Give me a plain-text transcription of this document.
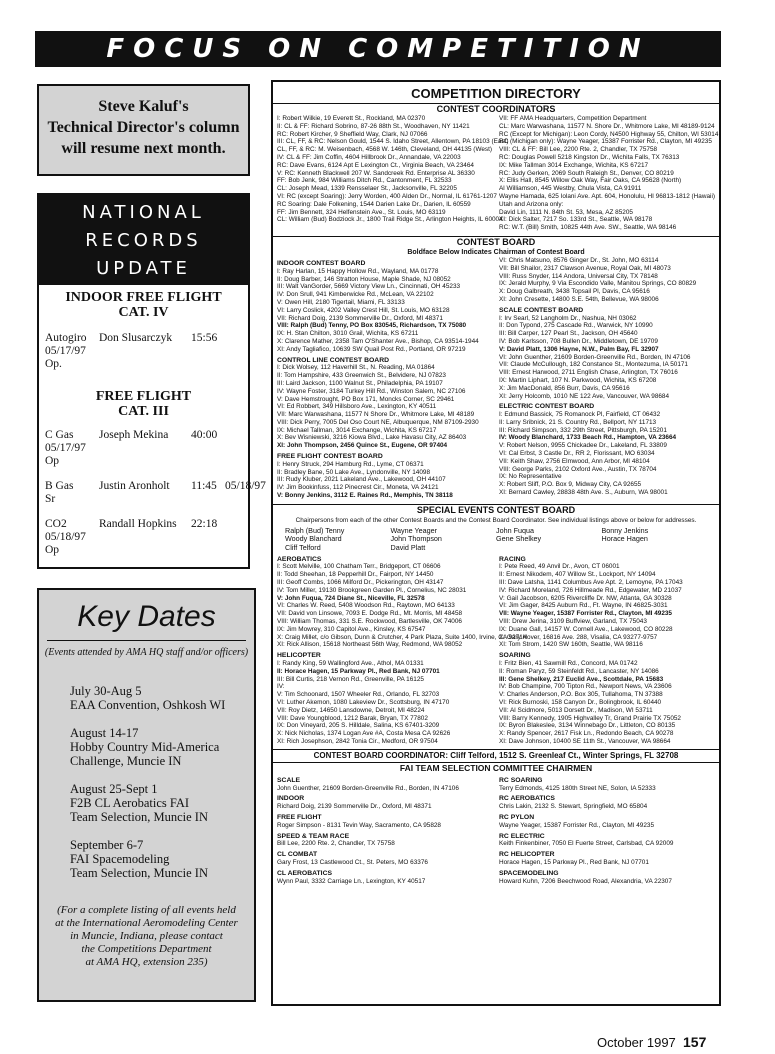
FOCUS ON COMPETITION
Steve Kaluf's
Technical Director's column
will resume next month.
NATIONAL
RECORDS
UPDATE
INDOOR FREE FLIGHT
CAT. IV
Autogiro	Don Slusarczyk	15:56
05/17/97
Op.
FREE FLIGHT
CAT. III
C Gas	Joseph Mekina	40:00
05/17/97
Op
B Gas	Justin Aronholt	11:45 05/18/97
Sr
CO2	Randall Hopkins	22:18
05/18/97
Op
Key Dates
(Events attended by AMA HQ staff and/or officers)
July 30-Aug 5
EAA Convention, Oshkosh WI
August 14-17
Hobby Country Mid-America
Challenge, Muncie IN
August 25-Sept 1
F2B CL Aerobatics FAI
Team Selection, Muncie IN
September 6-7
FAI Spacemodeling
Team Selection, Muncie IN
(For a complete listing of all events held
at the International Aeromodeling Center
in Muncie, Indiana, please contact
the Competitions Department
at AMA HQ, extension 235)
COMPETITION DIRECTORY
CONTEST COORDINATORS

I: Robert Wilkie, 19 Everett St., Rockland, MA 02370

II: CL & FF: Richard Sobrino, 87-26 88th St., Woodhaven, NY 11421

RC: Robert Kircher, 9 Sheffield Way, Clark, NJ 07066

III: CL, FF, & RC: Nelson Gould, 1544 S. Idaho Street, Allentown, PA 18103 (East)

CL, FF, & RC: M. Weisenbach, 4568 W. 146th, Cleveland, OH 44135 (West)

IV: CL & FF: Jim Coffin, 4604 Hillbrook Dr., Annandale, VA 22003

RC: Dave Evans, 6124 Apt E Lexington Ct., Virginia Beach, VA 23464

V: RC: Kenneth Blackwell 207 W. Sandcreek Rd. Enterprise AL 36330

FF: Bob Jenk, 984 Williams Ditch Rd., Cantonment, FL 32533

CL: Joseph Mead, 1339 Rensselaer St., Jacksonville, FL 32205

VI: RC (except Soaring): Jerry Worden, 400 Alden Dr., Normal, IL 61761-1207

RC Soaring: Dale Folkening, 1544 Darien Lake Dr., Darien, IL 60559

FF: Jim Bennett, 324 Helfenstein Ave., St. Louis, MO 63119

CL: William (Bud) Bodziock Jr., 1800 Trail Ridge St., Arlington Heights, IL 60004

VII: FF AMA Headquarters, Competition Department

CL: Marc Warwashana, 11577 N. Shore Dr., Whitmore Lake, MI 48189-9124

RC (Except for Michigan): Leon Cordy, N4500 Highway 55, Chilton, WI 53014

RC (Michigan only): Wayne Yeager, 15387 Forrister Rd., Clayton, MI 49235

VIII: CL & FF: Bill Lee, 2200 Rte. 2, Chandler, TX 75758

RC: Douglas Powell 5218 Kingston Dr., Wichita Falls, TX 76313

IX: Mike Tallman 3014 Exchange, Wichita, KS 67217

RC: Judy Gerken, 2069 South Raleigh St., Denver, CO 80219

X: Ellis Hall, 8545 Willow Oak Way, Fair Oaks, CA 95628 (North)

Al Williamson, 445 Westby, Chula Vista, CA 91911

Wayne Hamada, 625 Iolani Ave. Apt. 604, Honolulu, HI 96813-1812 (Hawaii)

Utah and Arizona only:

David Lin, 1111 N. 84th St. 53, Mesa, AZ 85205

XI: Dick Salter, 7217 So. 133rd St., Seattle, WA 98178

RC: W.T. (Bill) Smith, 10825 44th Ave. SW., Seattle, WA 98146

CONTEST BOARD
Boldface Below Indicates Chairman of Contest Board

INDOOR CONTEST BOARD

I: Ray Harlan, 15 Happy Hollow Rd., Wayland, MA 01778

II: Doug Barber, 146 Stratton House, Maple Shade, NJ 08052

III: Walt VanGorder, 5669 Victory View Ln., Cincinnati, OH 45233

IV: Don Srull, 941 Kimberwicke Rd., McLean, VA 22102

V: Owen Hill, 2180 Tigertail, Miami, FL 33133

VI: Larry Coslick, 4202 Valley Crest Hill, St. Louis, MO 63128

VII: Richard Doig, 2139 Sommerville Dr., Oxford, MI 48371

VIII: Ralph (Bud) Tenny, PO Box 830545, Richardson, TX 75080

IX: H. Stan Chilton, 3010 Grail, Wichita, KS 67211

X: Clarence Mather, 2358 Tam O'Shanter Ave., Bishop, CA 93514-1944

XI: Andy Tagliafico, 10639 SW Quail Post Rd., Portland, OR 97219

CONTROL LINE CONTEST BOARD

I: Dick Wolsey, 112 Haverhill St., N. Reading, MA 01864

II: Tom Hampshire, 433 Greenwich St., Belvidere, NJ 07823

III: Laird Jackson, 1100 Walnut St., Philadelphia, PA 19107

IV: Wayne Foster, 3184 Turkey Hill Rd., Winston Salem, NC 27106

V: Dave Hemstrought, PO Box 171, Moncks Corner, SC 29461

VI: Ed Robbert, 349 Hillsboro Ave., Lexington, KY 40511

VII: Marc Warwashana, 11577 N Shore Dr., Whitmore Lake, MI 48189

VIII: Dick Perry, 7005 Del Oso Court NE, Albuquerque, NM 87109-2930

IX: Michael Tallman, 3014 Exchange, Wichita, KS 67217

X: Bev Wisniewski, 3216 Kiowa Blvd., Lake Havasu City, AZ 86403

XI: John Thompson, 2456 Quince St., Eugene, OR 97404

FREE FLIGHT CONTEST BOARD

I: Henry Struck, 294 Hamburg Rd., Lyme, CT 06371

II: Bradley Bane, 50 Lake Ave., Lyndonville, NY 14098

III: Rudy Kluber, 2021 Lakeland Ave., Lakewood, OH 44107

IV: Jim Bookinfuss, 112 Pinecrest Cir., Moneta, VA 24121

V: Bonny Jenkins, 3112 E. Raines Rd., Memphis, TN 38118

VI: Chris Matsuno, 8576 Ginger Dr., St. John, MO 63114

VII: Bill Shailor, 2317 Clawson Avenue, Royal Oak, MI 48073

VIII: Russ Snyder, 114 Andora, Universal City, TX 78148

IX: Jerald Murphy, 9 Via Escondido Valle, Manitou Springs, CO 80829

X: Doug Galbreath, 3438 Topsail Pl, Davis, CA 95616

XI: John Cresette, 14800 S.E. 54th, Bellevue, WA 98006

SCALE CONTEST BOARD

I: Irv Searl, 52 Langholm Dr., Nashua, NH 03062

II: Don Typond, 275 Cascade Rd., Warwick, NY 10990

III: Bill Carper, 127 Pearl St., Jackson, OH 45640

IV: Bob Karlsson, 708 Bullen Dr., Middletown, DE 19709

V: David Platt, 1306 Hayne, N.W., Palm Bay, FL 32907

VI: John Guenther, 21609 Borden-Greenville Rd., Borden, IN 47106

VII: Claude McCullough, 182 Constance St., Montezuma, IA 50171

VIII: Ernest Harwood, 2711 English Chase, Arlington, TX 76016

IX: Martin Liphart, 107 N. Parkwood, Wichita, KS 67208

X: Jim MacDonald, 856 Burr, Davis, CA 95616

XI: Jerry Holcomb, 1010 NE 122 Ave, Vancouver, WA 98684

ELECTRIC CONTEST BOARD

I: Edmund Bassick, 75 Romanock Pl, Fairfield, CT 06432

II: Larry Sribnick, 21 S. Country Rd., Bellport, NY 11713

III: Richard Simpson, 332 29th Street, Pittsburgh, PA 15201

IV: Woody Blanchard, 1733 Beach Rd., Hampton, VA 23664

V: Robert Nelson, 9955 Chickadee Dr., Lakeland, FL 33809

VI: Cal Erbst, 3 Castle Dr., RR 2, Florissant, MO 63034

VII: Keith Shaw, 2756 Elmwood, Ann Arbor, MI 48104

VIII: George Parks, 2102 Oxford Ave., Austin, TX 78704

IX: No Representative

X: Robert Sliff, P.O. Box 9, Midway City, CA 92655

XI: Bernard Cawley, 28838 48th Ave. S., Auburn, WA 98001

SPECIAL EVENTS CONTEST BOARD
Chairpersons from each of the other Contest Boards and the Contest Board Coordinator. See individual listings above or below for addresses.
Ralph (Bud) Tenny	Wayne Yeager	John Fuqua	Bonny Jenkins
Woody Blanchard	John Thompson	Gene Shelkey	Horace Hagen
Cliff Telford	David Platt

AEROBATICS

I: Scott Melville, 100 Chatham Terr., Bridgeport, CT 06606

II: Todd Sheehan, 18 Pepperhill Dr., Fairport, NY 14450

III: Geoff Combs, 1066 Milford Dr., Pickerington, OH 43147

IV: Tom Miller, 19130 Brookgreen Garden Pl., Cornelius, NC 28031

V: John Fuqua, 724 Diane St., Niceville, FL 32578

VI: Charles W. Reed, 5408 Woodson Rd., Raytown, MO 64133

VII: David von Linsowe, 7093 E. Dodge Rd., Mt. Morris, MI 48458

VIII: William Thomas, 331 S.E. Rockwood, Bartlesville, OK 74006

IX: Jim Mowrey, 310 Capitol Ave., Kinsley, KS 67547

X: Craig Millet, c/o Gibson, Dunn & Crutcher, 4 Park Plaza, Suite 1400, Irvine, CA 92714

XI: Rick Allison, 15618 Northeast 56th Way, Redmond, WA 98052

HELICOPTER

I: Randy King, 59 Wallingford Ave., Athol, MA 01331

II: Horace Hagen, 15 Parkway Pl., Red Bank, NJ 07701

III: Bill Curtis, 218 Vernon Rd., Greenville, PA 16125

IV:

V: Tim Schoonard, 1507 Wheeler Rd., Orlando, FL 32703

VI: Luther Akemon, 1080 Lakeview Dr., Scottsburg, IN 47170

VII: Roy Dietz, 14650 Lansdowne, Detroit, MI 48224

VIII: Dave Youngblood, 1212 Barak, Bryan, TX 77802

IX: Don Vineyard, 205 S. Hilldale, Salina, KS 67401-3209

X: Nick Nicholas, 1374 Logan Ave #A, Costa Mesa CA 92626

XI: Rich Josephson, 2842 Tonia Cir., Medford, OR 97504

RACING

I: Pete Reed, 49 Anvil Dr., Avon, CT 06001

II: Ernest Nikodem, 407 Willow St., Lockport, NY 14094

III: Dave Latsha, 1141 Columbus Ave Apt. 2, Lemoyne, PA 17043

IV: Richard Moreland, 726 Hillmeade Rd., Edgewater, MD 21037

V: Gail Jacobson, 6205 Rivercliffe Dr. NW, Atlanta, GA 30328

VI: Jim Gager, 8425 Auburn Rd., Ft. Wayne, IN 46825-3031

VII: Wayne Yeager, 15387 Forrister Rd., Clayton, MI 49235

VIII: Drew Jerina, 3109 Buffview, Garland, TX 75043

IX: Duane Gall, 14157 W. Cornell Ave., Lakewood, CO 80228

X: Gary Hover, 16816 Ave. 288, Visalia, CA 93277-9757

XI: Tom Strom, 1420 SW 160th, Seattle, WA 98116

SOARING

I: Fritz Bien, 41 Sawmill Rd., Concord, MA 01742

II: Roman Paryz, 59 Steinfeldt Rd., Lancaster, NY 14086

III: Gene Shelkey, 217 Euclid Ave., Scottdale, PA 15683

IV: Bob Champine, 700 Tipton Rd., Newport News, VA 23606

V: Charles Anderson, P.O. Box 305, Tullahoma, TN 37388

VI: Rick Burnoski, 158 Canyon Dr., Bolingbrook, IL 60440

VII: Al Scidmore, 5013 Dorsett Dr., Madison, WI 53711

VIII: Barry Kennedy, 1905 Highvalley Tr, Grand Prairie TX 75052

IX: Byron Blakeslee, 3134 Winnebago Dr., Littleton, CO 80135

X: Randy Spencer, 2617 Fisk Ln., Redondo Beach, CA 90278

XI: Dave Johnson, 10400 SE 11th St., Vancouver, WA 98664

CONTEST BOARD COORDINATOR: Cliff Telford, 1512 S. Greenleaf Ct., Winter Springs, FL 32708
FAI TEAM SELECTION COMMITTEE CHAIRMEN

SCALE

John Guenther, 21609 Borden-Greenville Rd., Borden, IN 47106

INDOOR

Richard Doig, 2139 Sommerville Dr., Oxford, MI 48371

FREE FLIGHT

Roger Simpson - 8131 Tevin Way, Sacramento, CA 95828

SPEED & TEAM RACE

Bill Lee, 2200 Rte. 2, Chandler, TX 75758

CL COMBAT

Gary Frost, 13 Castlewood Ct., St. Peters, MO 63376

CL AEROBATICS

Wynn Paul, 3332 Carriage Ln., Lexington, KY 40517

RC SOARING

Terry Edmonds, 4125 180th Street NE, Solon, IA 52333

RC AEROBATICS

Chris Lakin, 2132 S. Stewart, Springfield, MO 65804

RC PYLON

Wayne Yeager, 15387 Forrister Rd., Clayton, MI 49235

RC ELECTRIC

Keith Finkenbiner, 7050 El Fuerte Street, Carlsbad, CA 92009

RC HELICOPTER

Horace Hagen, 15 Parkway Pl., Red Bank, NJ 07701

SPACEMODELING

Howard Kuhn, 7206 Beechwood Road, Alexandria, VA 22307

October 1997 157
